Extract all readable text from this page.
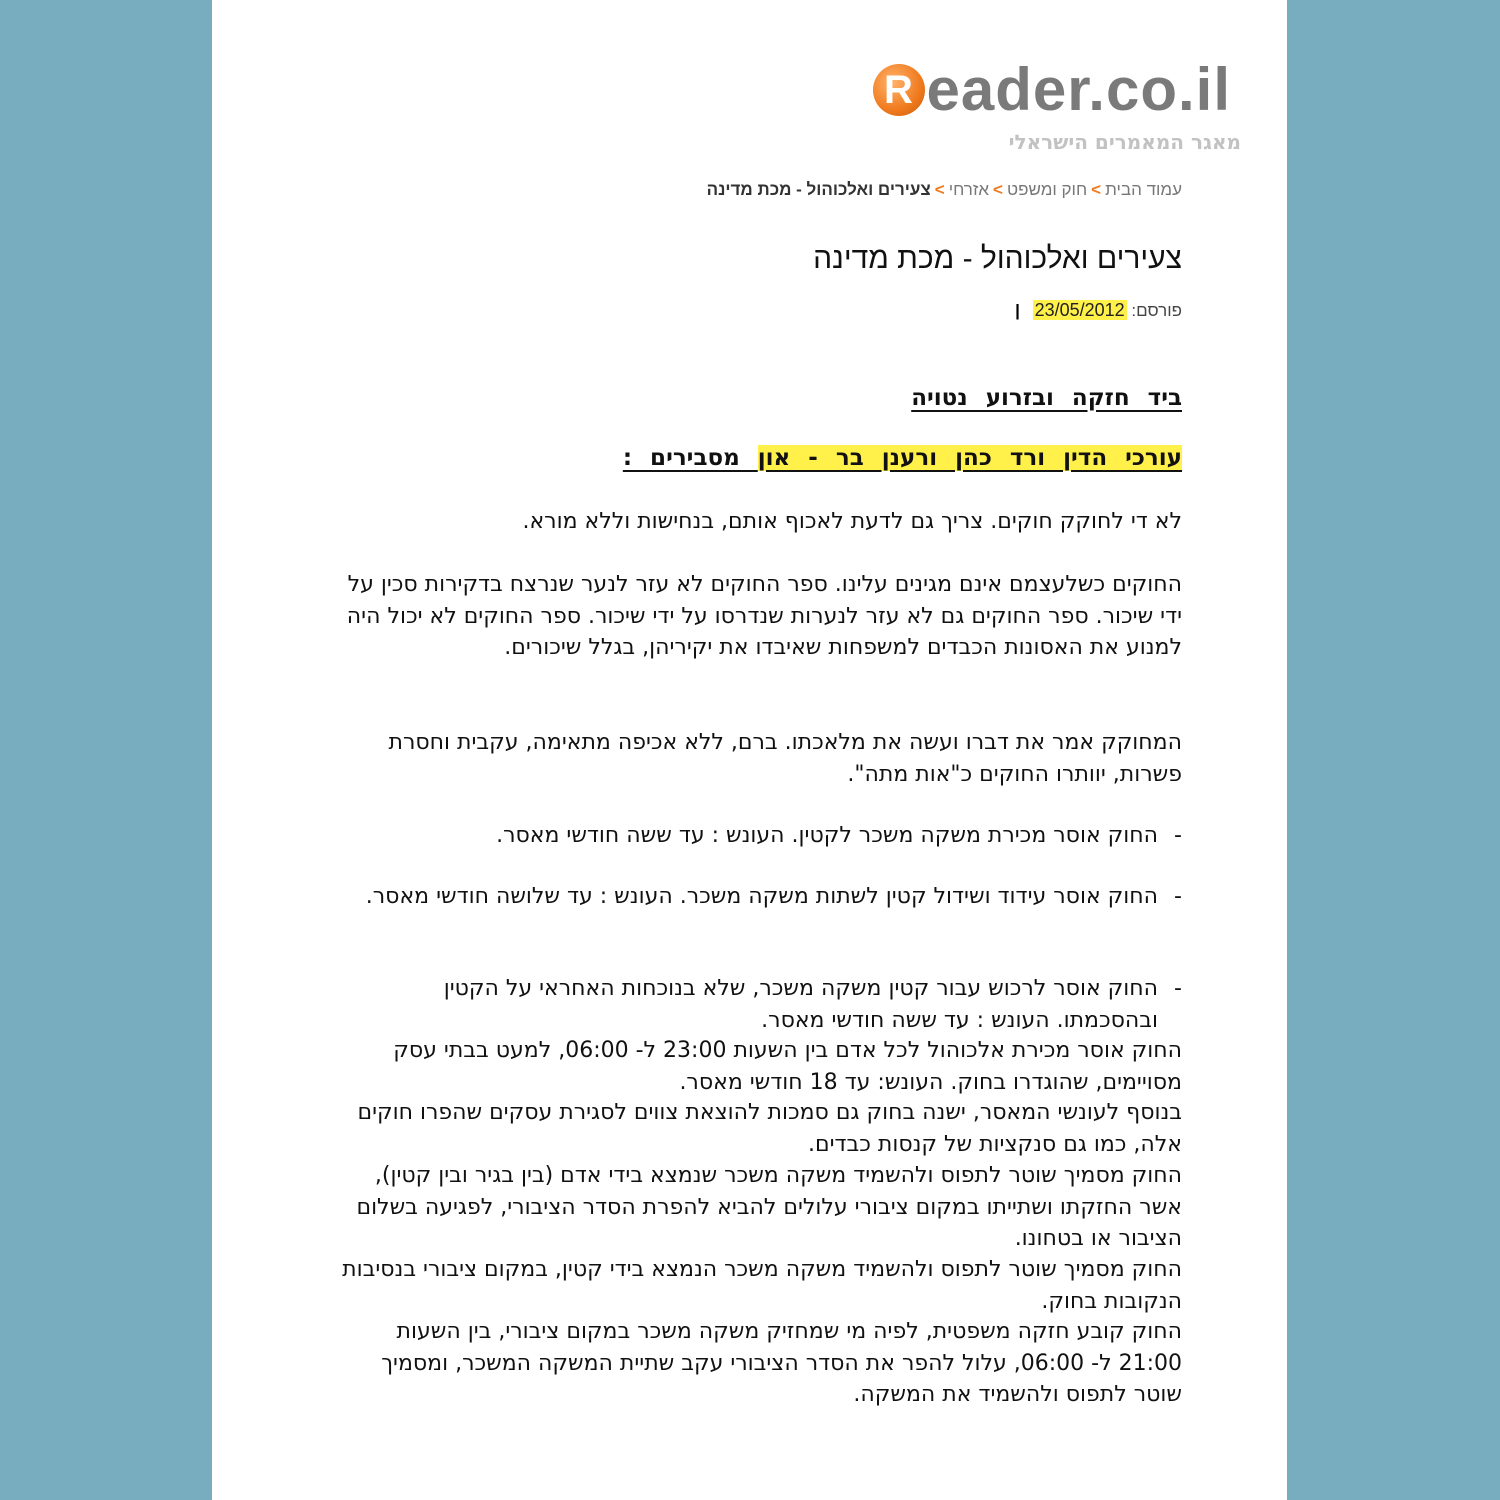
R eader.co.il
מאגר המאמרים הישראלי
עמוד הבית>חוק ומשפט>אזרחי>צעירים ואלכוהול - מכת מדינה
צעירים ואלכוהול - מכת מדינה
פורסם: 23/05/2012 |

ביד חזקה ובזרוע נטויה

עורכי הדין ורד כהן ורענן בר - און מסבירים :

לא די לחוקק חוקים. צריך גם לדעת לאכוף אותם, בנחישות וללא מורא.

החוקים כשלעצמם אינם מגינים עלינו. ספר החוקים לא עזר לנער שנרצח בדקירות סכין על ידי שיכור. ספר החוקים גם לא עזר לנערות שנדרסו על ידי שיכור. ספר החוקים לא יכול היה למנוע את האסונות הכבדים למשפחות שאיבדו את יקיריהן, בגלל שיכורים.

המחוקק אמר את דברו ועשה את מלאכתו. ברם, ללא אכיפה מתאימה, עקבית וחסרת פשרות, יוותרו החוקים כ"אות מתה".

-
החוק אוסר מכירת משקה משכר לקטין. העונש : עד ששה חודשי מאסר.
-
החוק אוסר עידוד ושידול קטין לשתות משקה משכר. העונש : עד שלושה חודשי מאסר.
-
החוק אוסר לרכוש עבור קטין משקה משכר, שלא בנוכחות האחראי על הקטין ובהסכמתו. העונש : עד ששה חודשי מאסר.

החוק אוסר מכירת אלכוהול לכל אדם בין השעות 23:00 ל- 06:00, למעט בבתי עסק מסויימים, שהוגדרו בחוק. העונש: עד 18 חודשי מאסר.

בנוסף לעונשי המאסר, ישנה בחוק גם סמכות להוצאת צווים לסגירת עסקים שהפרו חוקים אלה, כמו גם סנקציות של קנסות כבדים.

החוק מסמיך שוטר לתפוס ולהשמיד משקה משכר שנמצא בידי אדם (בין בגיר ובין קטין), אשר החזקתו ושתייתו במקום ציבורי עלולים להביא להפרת הסדר הציבורי, לפגיעה בשלום הציבור או בטחונו.

החוק מסמיך שוטר לתפוס ולהשמיד משקה משכר הנמצא בידי קטין, במקום ציבורי בנסיבות הנקובות בחוק.

החוק קובע חזקה משפטית, לפיה מי שמחזיק משקה משכר במקום ציבורי, בין השעות 21:00 ל- 06:00, עלול להפר את הסדר הציבורי עקב שתיית המשקה המשכר, ומסמיך שוטר לתפוס ולהשמיד את המשקה.
